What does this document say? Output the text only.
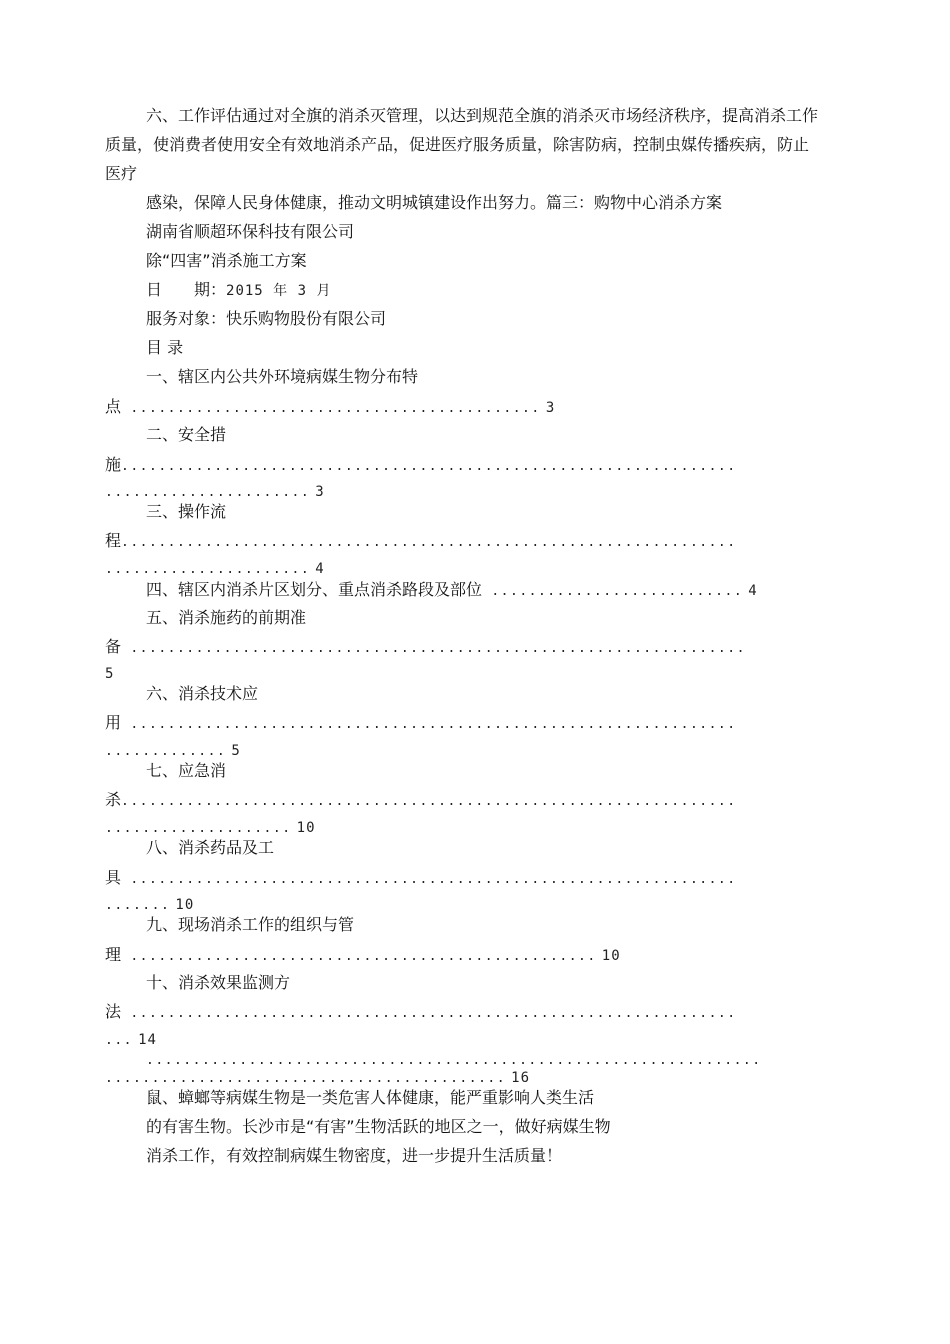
六、工作评估通过对全旗的消杀灭管理，以达到规范全旗的消杀灭市场经济秩序，提高消杀工作
质量，使消费者使用安全有效地消杀产品，促进医疗服务质量，除害防病，控制虫媒传播疾病，防止
医疗
感染，保障人民身体健康，推动文明城镇建设作出努力。篇三：购物中心消杀方案
湖南省顺超环保科技有限公司
除“四害”消杀施工方案
日　　期：2015 年 3 月
服务对象：快乐购物股份有限公司
目 录
一、辖区内公共外环境病媒生物分布特
点 ............................................ 3
二、安全措
施..................................................................
...................... 3
三、操作流
程..................................................................
...................... 4
四、辖区内消杀片区划分、重点消杀路段及部位 ........................... 4
五、消杀施药的前期准
备 ..................................................................
5
六、消杀技术应
用 .................................................................
............. 5
七、应急消
杀..................................................................
.................... 10
八、消杀药品及工
具 .................................................................
....... 10
九、现场消杀工作的组织与管
理 .................................................. 10
十、消杀效果监测方
法 .................................................................
... 14
..................................................................
........................................... 16
鼠、蟑螂等病媒生物是一类危害人体健康，能严重影响人类生活
的有害生物。长沙市是“有害”生物活跃的地区之一，做好病媒生物
消杀工作，有效控制病媒生物密度，进一步提升生活质量！
